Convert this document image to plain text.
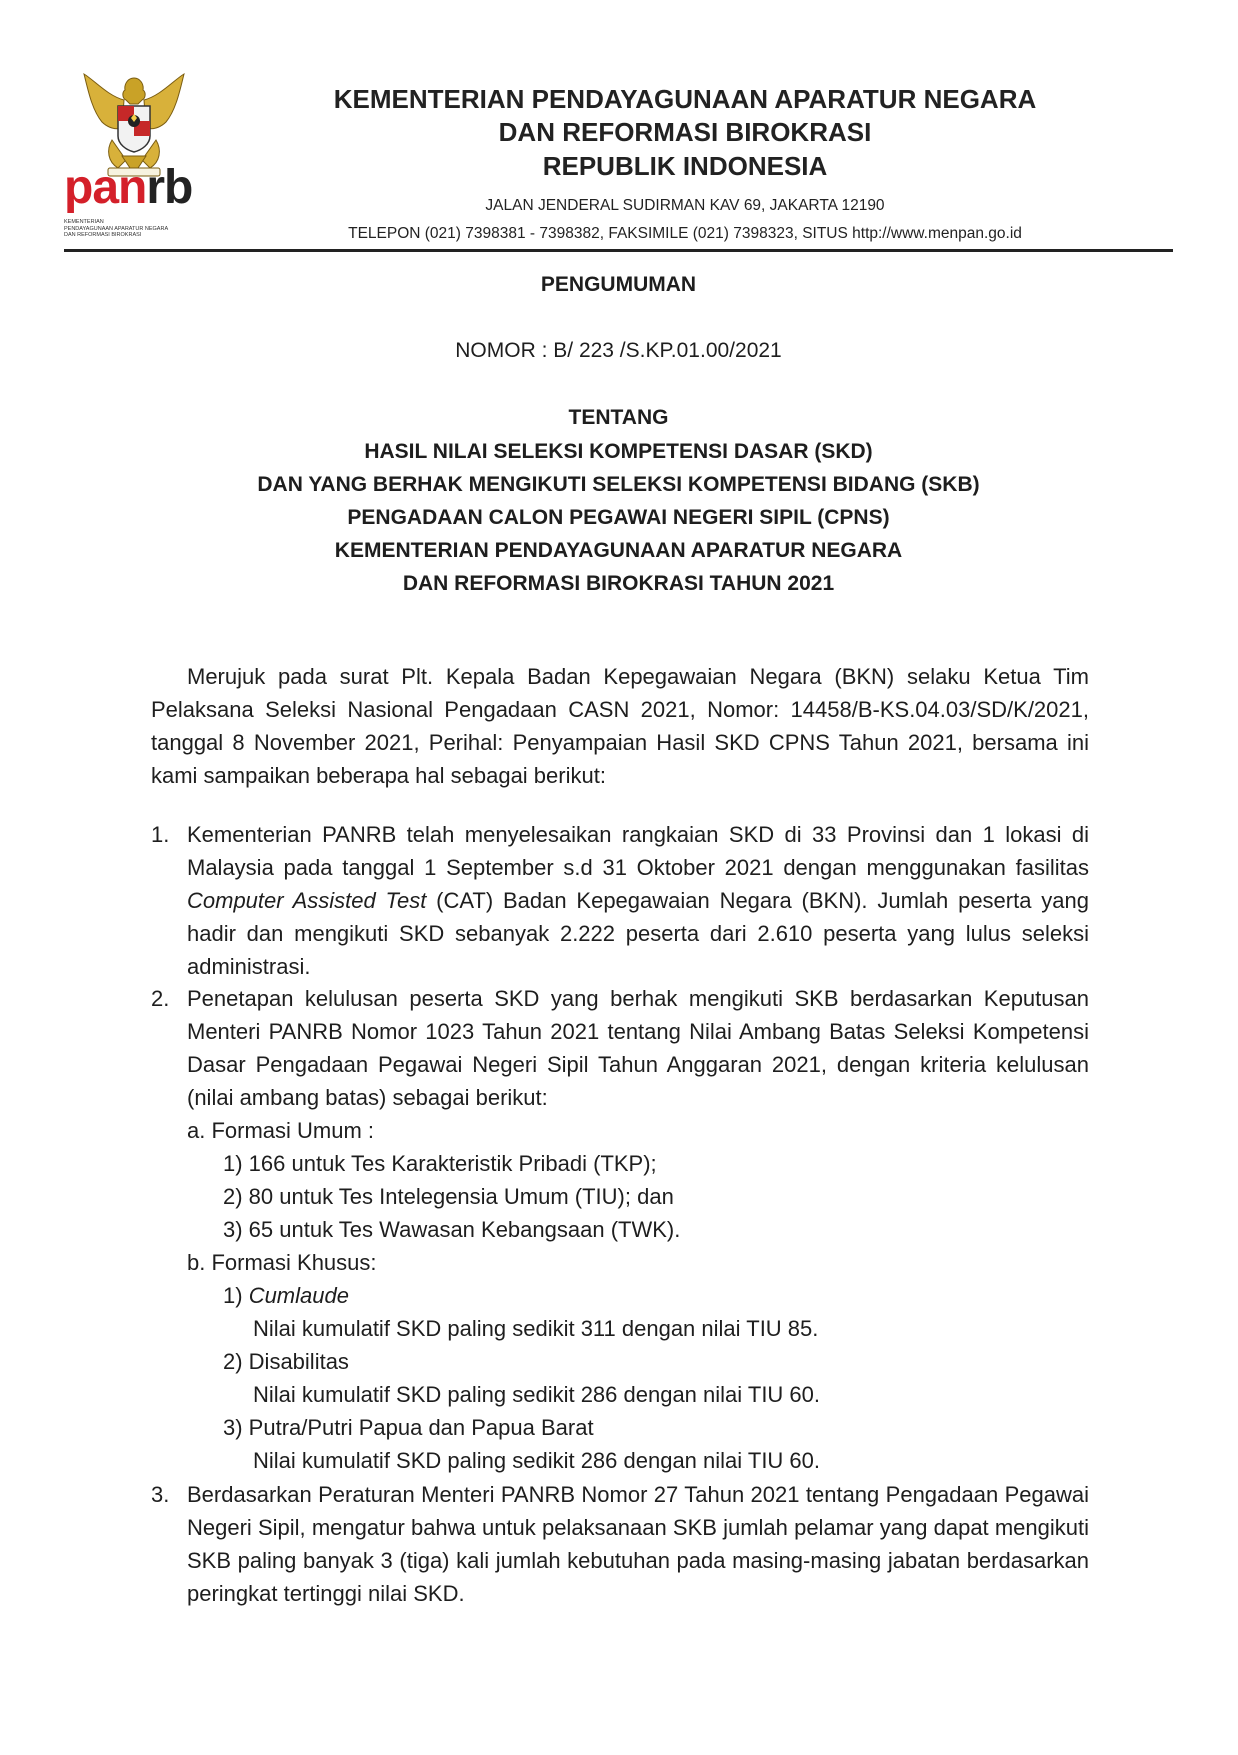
panrb
KEMENTERIAN
PENDAYAGUNAAN APARATUR NEGARA
DAN REFORMASI BIROKRASI
KEMENTERIAN PENDAYAGUNAAN APARATUR NEGARA
DAN REFORMASI BIROKRASI
REPUBLIK INDONESIA
JALAN JENDERAL SUDIRMAN KAV 69, JAKARTA 12190
TELEPON (021) 7398381 - 7398382, FAKSIMILE (021) 7398323, SITUS http://www.menpan.go.id
PENGUMUMAN
NOMOR : B/ 223 /S.KP.01.00/2021
TENTANG
HASIL NILAI SELEKSI KOMPETENSI DASAR (SKD)
DAN YANG BERHAK MENGIKUTI SELEKSI KOMPETENSI BIDANG (SKB)
PENGADAAN CALON PEGAWAI NEGERI SIPIL (CPNS)
KEMENTERIAN PENDAYAGUNAAN APARATUR NEGARA
DAN REFORMASI BIROKRASI TAHUN 2021
Merujuk pada surat Plt. Kepala Badan Kepegawaian Negara (BKN) selaku Ketua Tim Pelaksana Seleksi Nasional Pengadaan CASN 2021, Nomor: 14458/B-KS.04.03/SD/K/2021, tanggal 8 November 2021, Perihal: Penyampaian Hasil SKD CPNS Tahun 2021, bersama ini kami sampaikan beberapa hal sebagai berikut:
1. Kementerian PANRB telah menyelesaikan rangkaian SKD di 33 Provinsi dan 1 lokasi di Malaysia pada tanggal 1 September s.d 31 Oktober 2021 dengan menggunakan fasilitas Computer Assisted Test (CAT) Badan Kepegawaian Negara (BKN). Jumlah peserta yang hadir dan mengikuti SKD sebanyak 2.222 peserta dari 2.610 peserta yang lulus seleksi administrasi.
2. Penetapan kelulusan peserta SKD yang berhak mengikuti SKB berdasarkan Keputusan Menteri PANRB Nomor 1023 Tahun 2021 tentang Nilai Ambang Batas Seleksi Kompetensi Dasar Pengadaan Pegawai Negeri Sipil Tahun Anggaran 2021, dengan kriteria kelulusan (nilai ambang batas) sebagai berikut:
a. Formasi Umum :
1) 166 untuk Tes Karakteristik Pribadi (TKP);
2) 80 untuk Tes Intelegensia Umum (TIU); dan
3) 65 untuk Tes Wawasan Kebangsaan (TWK).
b. Formasi Khusus:
1) Cumlaude
Nilai kumulatif SKD paling sedikit 311 dengan nilai TIU 85.
2) Disabilitas
Nilai kumulatif SKD paling sedikit 286 dengan nilai TIU 60.
3) Putra/Putri Papua dan Papua Barat
Nilai kumulatif SKD paling sedikit 286 dengan nilai TIU 60.
3. Berdasarkan Peraturan Menteri PANRB Nomor 27 Tahun 2021 tentang Pengadaan Pegawai Negeri Sipil, mengatur bahwa untuk pelaksanaan SKB jumlah pelamar yang dapat mengikuti SKB paling banyak 3 (tiga) kali jumlah kebutuhan pada masing-masing jabatan berdasarkan peringkat tertinggi nilai SKD.
